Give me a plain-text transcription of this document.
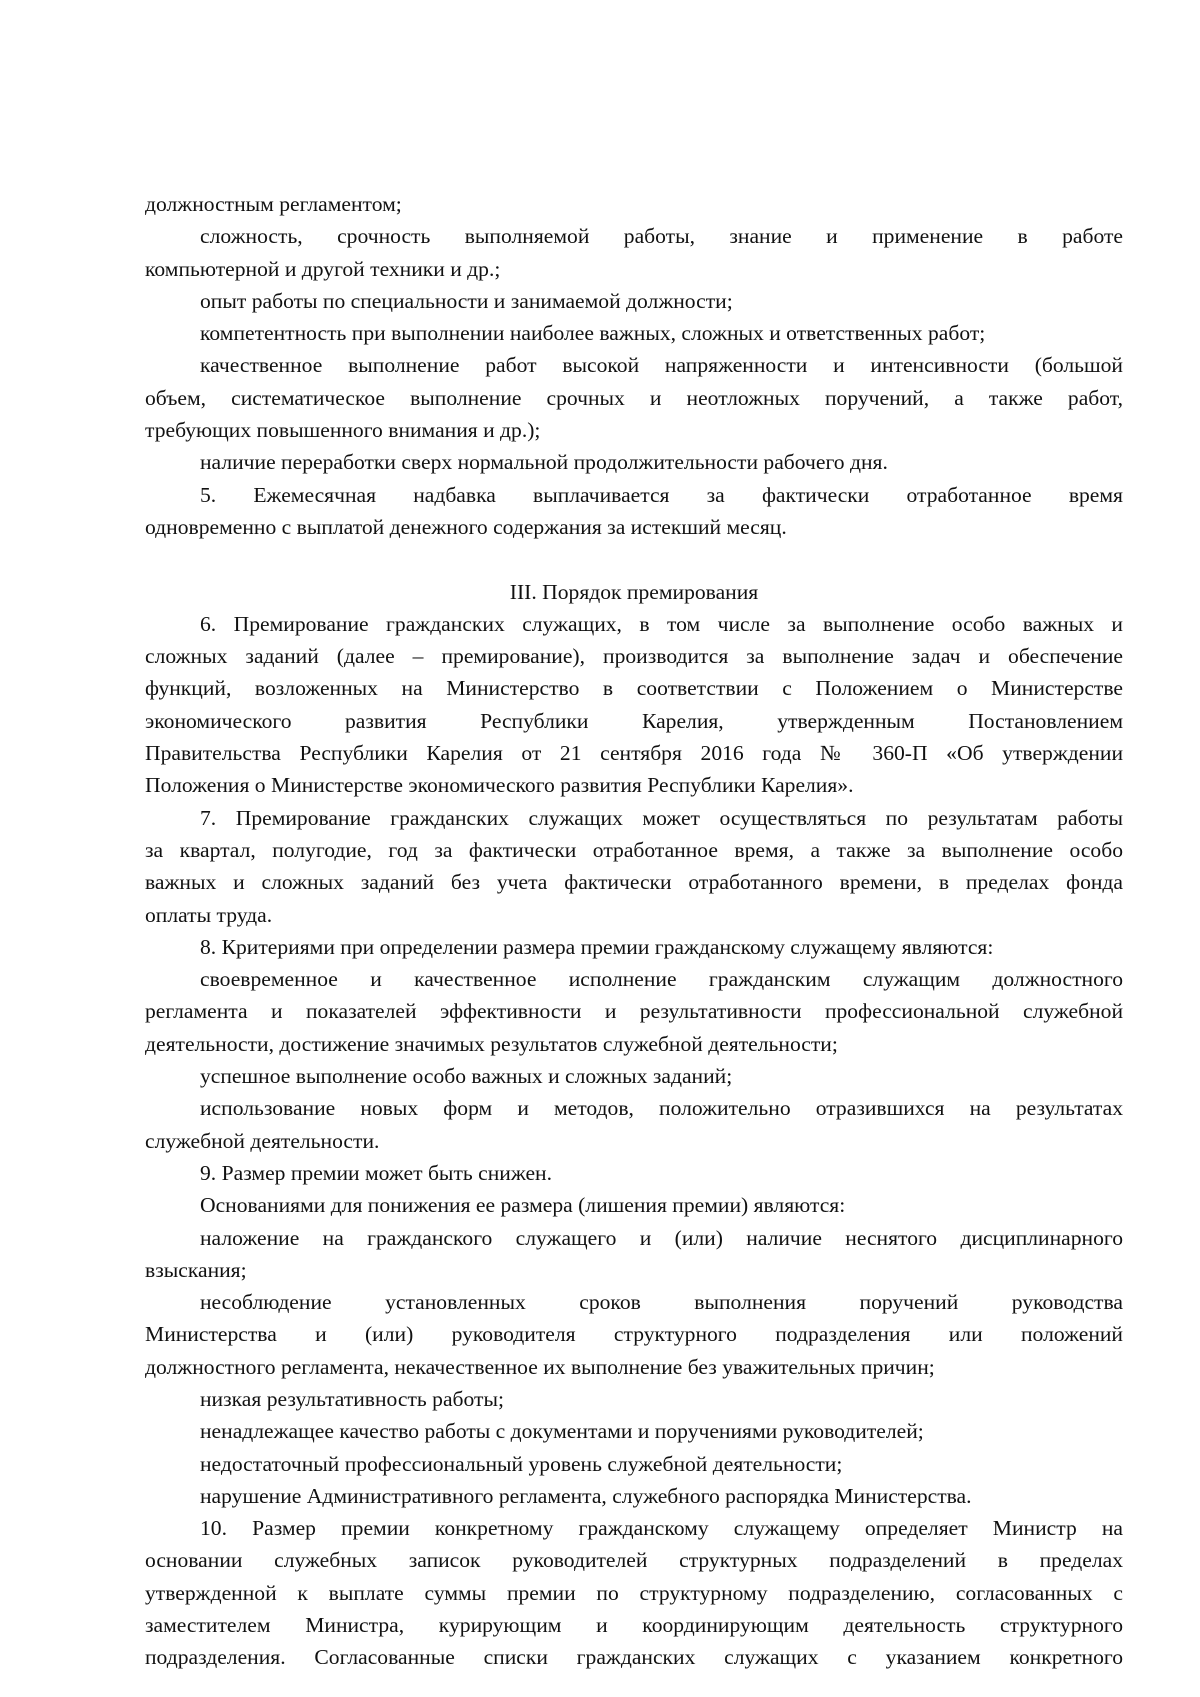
должностным регламентом;
сложность, срочность выполняемой работы, знание и применение в работе
компьютерной и другой техники и др.;
опыт работы по специальности и занимаемой должности;
компетентность при выполнении наиболее важных, сложных и ответственных работ;
качественное выполнение работ высокой напряженности и интенсивности (большой
объем, систематическое выполнение срочных и неотложных поручений, а также работ,
требующих повышенного внимания и др.);
наличие переработки сверх нормальной продолжительности рабочего дня.
5. Ежемесячная надбавка выплачивается за фактически отработанное время
одновременно с выплатой денежного содержания за истекший месяц.
III. Порядок премирования
6. Премирование гражданских служащих, в том числе за выполнение особо важных и
сложных заданий (далее – премирование), производится за выполнение задач и обеспечение
функций, возложенных на Министерство в соответствии с Положением о Министерстве
экономического развития Республики Карелия, утвержденным Постановлением
Правительства Республики Карелия от 21 сентября 2016 года № 360-П «Об утверждении
Положения о Министерстве экономического развития Республики Карелия».
7. Премирование гражданских служащих может осуществляться по результатам работы
за квартал, полугодие, год за фактически отработанное время, а также за выполнение особо
важных и сложных заданий без учета фактически отработанного времени, в пределах фонда
оплаты труда.
8. Критериями при определении размера премии гражданскому служащему являются:
своевременное и качественное исполнение гражданским служащим должностного
регламента и показателей эффективности и результативности профессиональной служебной
деятельности, достижение значимых результатов служебной деятельности;
успешное выполнение особо важных и сложных заданий;
использование новых форм и методов, положительно отразившихся на результатах
служебной деятельности.
9. Размер премии может быть снижен.
Основаниями для понижения ее размера (лишения премии) являются:
наложение на гражданского служащего и (или) наличие неснятого дисциплинарного
взыскания;
несоблюдение установленных сроков выполнения поручений руководства
Министерства и (или) руководителя структурного подразделения или положений
должностного регламента, некачественное их выполнение без уважительных причин;
низкая результативность работы;
ненадлежащее качество работы с документами и поручениями руководителей;
недостаточный профессиональный уровень служебной деятельности;
нарушение Административного регламента, служебного распорядка Министерства.
10. Размер премии конкретному гражданскому служащему определяет Министр на
основании служебных записок руководителей структурных подразделений в пределах
утвержденной к выплате суммы премии по структурному подразделению, согласованных с
заместителем Министра, курирующим и координирующим деятельность структурного
подразделения. Согласованные списки гражданских служащих с указанием конкретного
